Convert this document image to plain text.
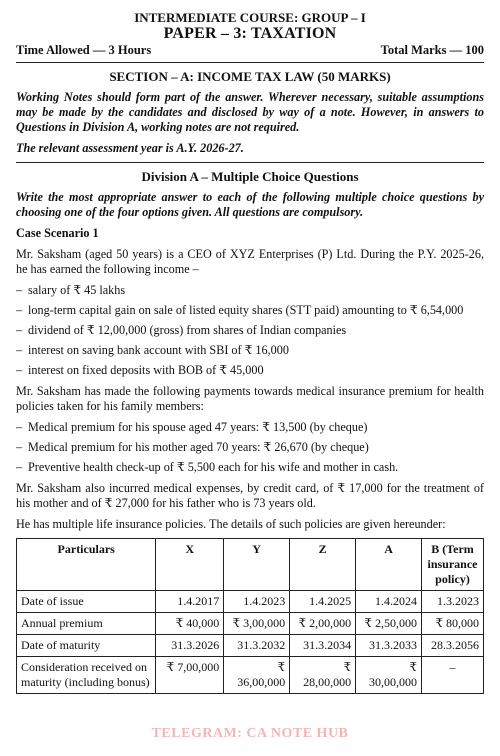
INTERMEDIATE COURSE: GROUP – I
PAPER – 3: TAXATION
Time Allowed — 3 Hours	Total Marks — 100
SECTION – A: INCOME TAX LAW (50 MARKS)
Working Notes should form part of the answer. Wherever necessary, suitable assumptions may be made by the candidates and disclosed by way of a note. However, in answers to Questions in Division A, working notes are not required.
The relevant assessment year is A.Y. 2026-27.
Division A – Multiple Choice Questions
Write the most appropriate answer to each of the following multiple choice questions by choosing one of the four options given. All questions are compulsory.
Case Scenario 1
Mr. Saksham (aged 50 years) is a CEO of XYZ Enterprises (P) Ltd. During the P.Y. 2025-26, he has earned the following income –
– salary of ₹ 45 lakhs
– long-term capital gain on sale of listed equity shares (STT paid) amounting to ₹ 6,54,000
– dividend of ₹ 12,00,000 (gross) from shares of Indian companies
– interest on saving bank account with SBI of ₹ 16,000
– interest on fixed deposits with BOB of ₹ 45,000
Mr. Saksham has made the following payments towards medical insurance premium for health policies taken for his family members:
– Medical premium for his spouse aged 47 years: ₹ 13,500 (by cheque)
– Medical premium for his mother aged 70 years: ₹ 26,670 (by cheque)
– Preventive health check-up of ₹ 5,500 each for his wife and mother in cash.
Mr. Saksham also incurred medical expenses, by credit card, of ₹ 17,000 for the treatment of his mother and of ₹ 27,000 for his father who is 73 years old.
He has multiple life insurance policies. The details of such policies are given hereunder:
Particulars	X	Y	Z	A	B (Term insurance policy)
Date of issue	1.4.2017	1.4.2023	1.4.2025	1.4.2024	1.3.2023
Annual premium	₹ 40,000	₹ 3,00,000	₹ 2,00,000	₹ 2,50,000	₹ 80,000
Date of maturity	31.3.2026	31.3.2032	31.3.2034	31.3.2033	28.3.2056
Consideration received on maturity (including bonus)	₹ 7,00,000	₹ 36,00,000	₹ 28,00,000	₹ 30,00,000	–
TELEGRAM: CA NOTE HUB
